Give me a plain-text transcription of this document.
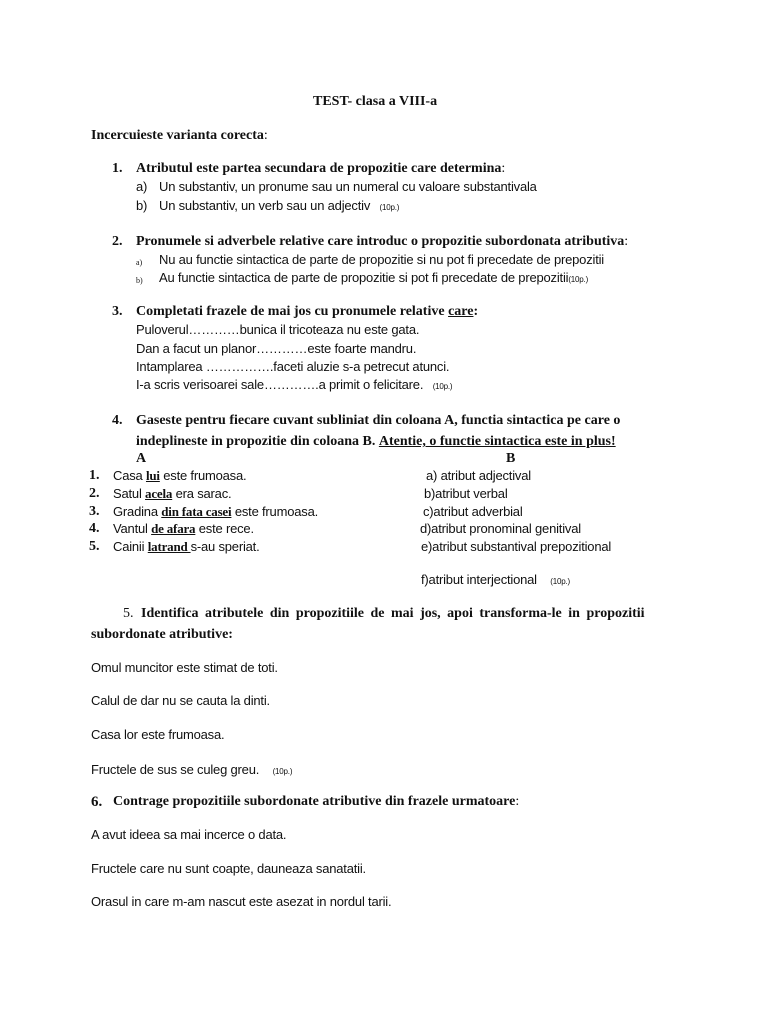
TEST- clasa a VIII-a
Incercuieste varianta corecta:
1. Atributul este partea secundara de propozitie care determina:
a) Un substantiv, un pronume sau un numeral cu valoare substantivala
b) Un substantiv, un verb sau un adjectiv (10p.)
2. Pronumele si adverbele relative care introduc o propozitie subordonata atributiva:
a) Nu au functie sintactica de parte de propozitie si nu pot fi precedate de prepozitii
b) Au functie sintactica de parte de propozitie si pot fi precedate de prepozitii(10p.)
3. Completati frazele de mai jos cu pronumele relative care:
Puloverul…………bunica il tricoteaza nu este gata.
Dan a facut un planor…………este foarte mandru.
Intamplarea …………….faceti aluzie s-a petrecut atunci.
I-a scris verisoarei sale………….a primit o felicitare. (10p.)
4. Gaseste pentru fiecare cuvant subliniat din coloana A, functia sintactica pe care o
indeplineste in propozitie din coloana B. Atentie, o functie sintactica este in plus!
A	B
1. Casa lui este frumoasa.	a) atribut adjectival
2. Satul acela era sarac.	b)atribut verbal
3. Gradina din fata casei este frumoasa.	c)atribut adverbial
4. Vantul de afara este rece.	d)atribut pronominal genitival
5. Cainii latrand s-au speriat.	e)atribut substantival prepozitional
f)atribut interjectional (10p.)
5. Identifica atributele din propozitiile de mai jos, apoi transforma-le in propozitii
subordonate atributive:
Omul muncitor este stimat de toti.
Calul de dar nu se cauta la dinti.
Casa lor este frumoasa.
Fructele de sus se culeg greu. (10p.)
6. Contrage propozitiile subordonate atributive din frazele urmatoare:
A avut ideea sa mai incerce o data.
Fructele care nu sunt coapte, dauneaza sanatatii.
Orasul in care m-am nascut este asezat in nordul tarii.
